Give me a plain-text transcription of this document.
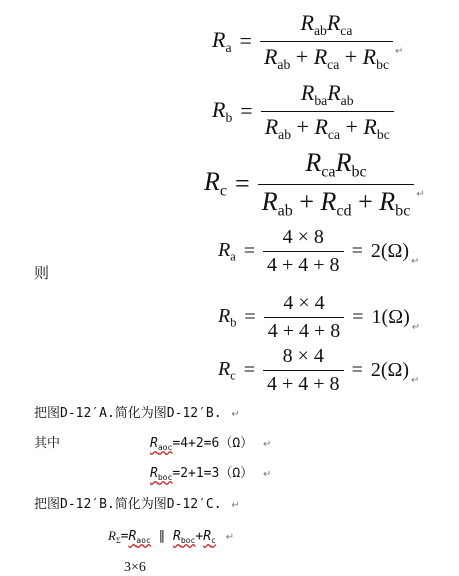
$R_a = \frac{R_{ab}R_{ca}}{R_{ab} + R_{ca} + R_{bc}}$ ↵
$R_b = \frac{R_{ba}R_{ab}}{R_{ab} + R_{ca} + R_{bc}}$
$R_c = \frac{R_{ca}R_{bc}}{R_{ab} + R_{cd} + R_{bc}}$ ↵
则
$R_a = \frac{4 \times 8}{4 + 4 + 8} = 2(\Omega)$ ↵
$R_b = \frac{4 \times 4}{4 + 4 + 8} = 1(\Omega)$ ↵
$R_c = \frac{8 \times 4}{4 + 4 + 8} = 2(\Omega)$ ↵
把图D-12′A.简化为图D-12′B. ↵
其中	$R_{aoc}=4+2=6(\Omega)$ ↵
$R_{boc}=2+1=3(\Omega)$ ↵
把图D-12′B.简化为图D-12′C. ↵
$R_\Sigma=R_{aoc}$ ∥ $R_{boc}+R_c$ ↵
3×6
